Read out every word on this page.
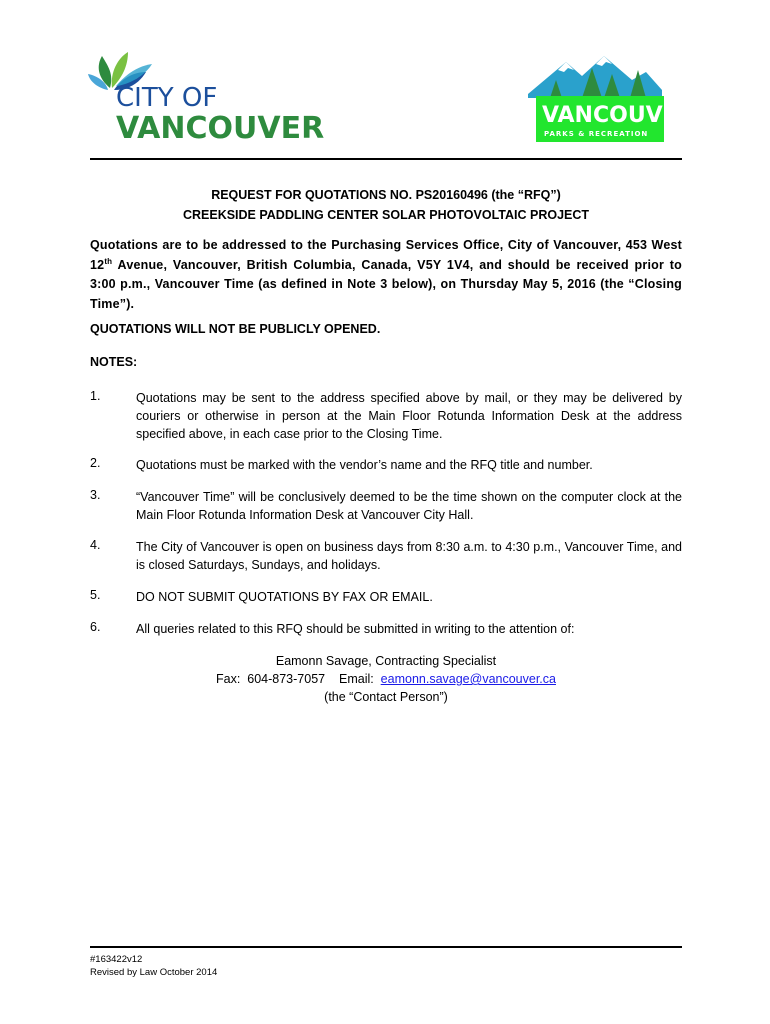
CITY OF
VANCOUVER	VANCOUVER
PARKS & RECREATION
REQUEST FOR QUOTATIONS NO. PS20160496 (the “RFQ”)
CREEKSIDE PADDLING CENTER SOLAR PHOTOVOLTAIC PROJECT
Quotations are to be addressed to the Purchasing Services Office, City of Vancouver, 453 West 12th Avenue, Vancouver, British Columbia, Canada, V5Y 1V4, and should be received prior to 3:00 p.m., Vancouver Time (as defined in Note 3 below), on Thursday May 5, 2016 (the “Closing Time”).
QUOTATIONS WILL NOT BE PUBLICLY OPENED.
NOTES:
1.	Quotations may be sent to the address specified above by mail, or they may be delivered by couriers or otherwise in person at the Main Floor Rotunda Information Desk at the address specified above, in each case prior to the Closing Time.
2.	Quotations must be marked with the vendor’s name and the RFQ title and number.
3.	“Vancouver Time” will be conclusively deemed to be the time shown on the computer clock at the Main Floor Rotunda Information Desk at Vancouver City Hall.
4.	The City of Vancouver is open on business days from 8:30 a.m. to 4:30 p.m., Vancouver Time, and is closed Saturdays, Sundays, and holidays.
5.	DO NOT SUBMIT QUOTATIONS BY FAX OR EMAIL.
6.	All queries related to this RFQ should be submitted in writing to the attention of:
Eamonn Savage, Contracting Specialist
Fax:  604-873-7057    Email:  eamonn.savage@vancouver.ca
(the “Contact Person”)
#163422v12
Revised by Law October 2014
